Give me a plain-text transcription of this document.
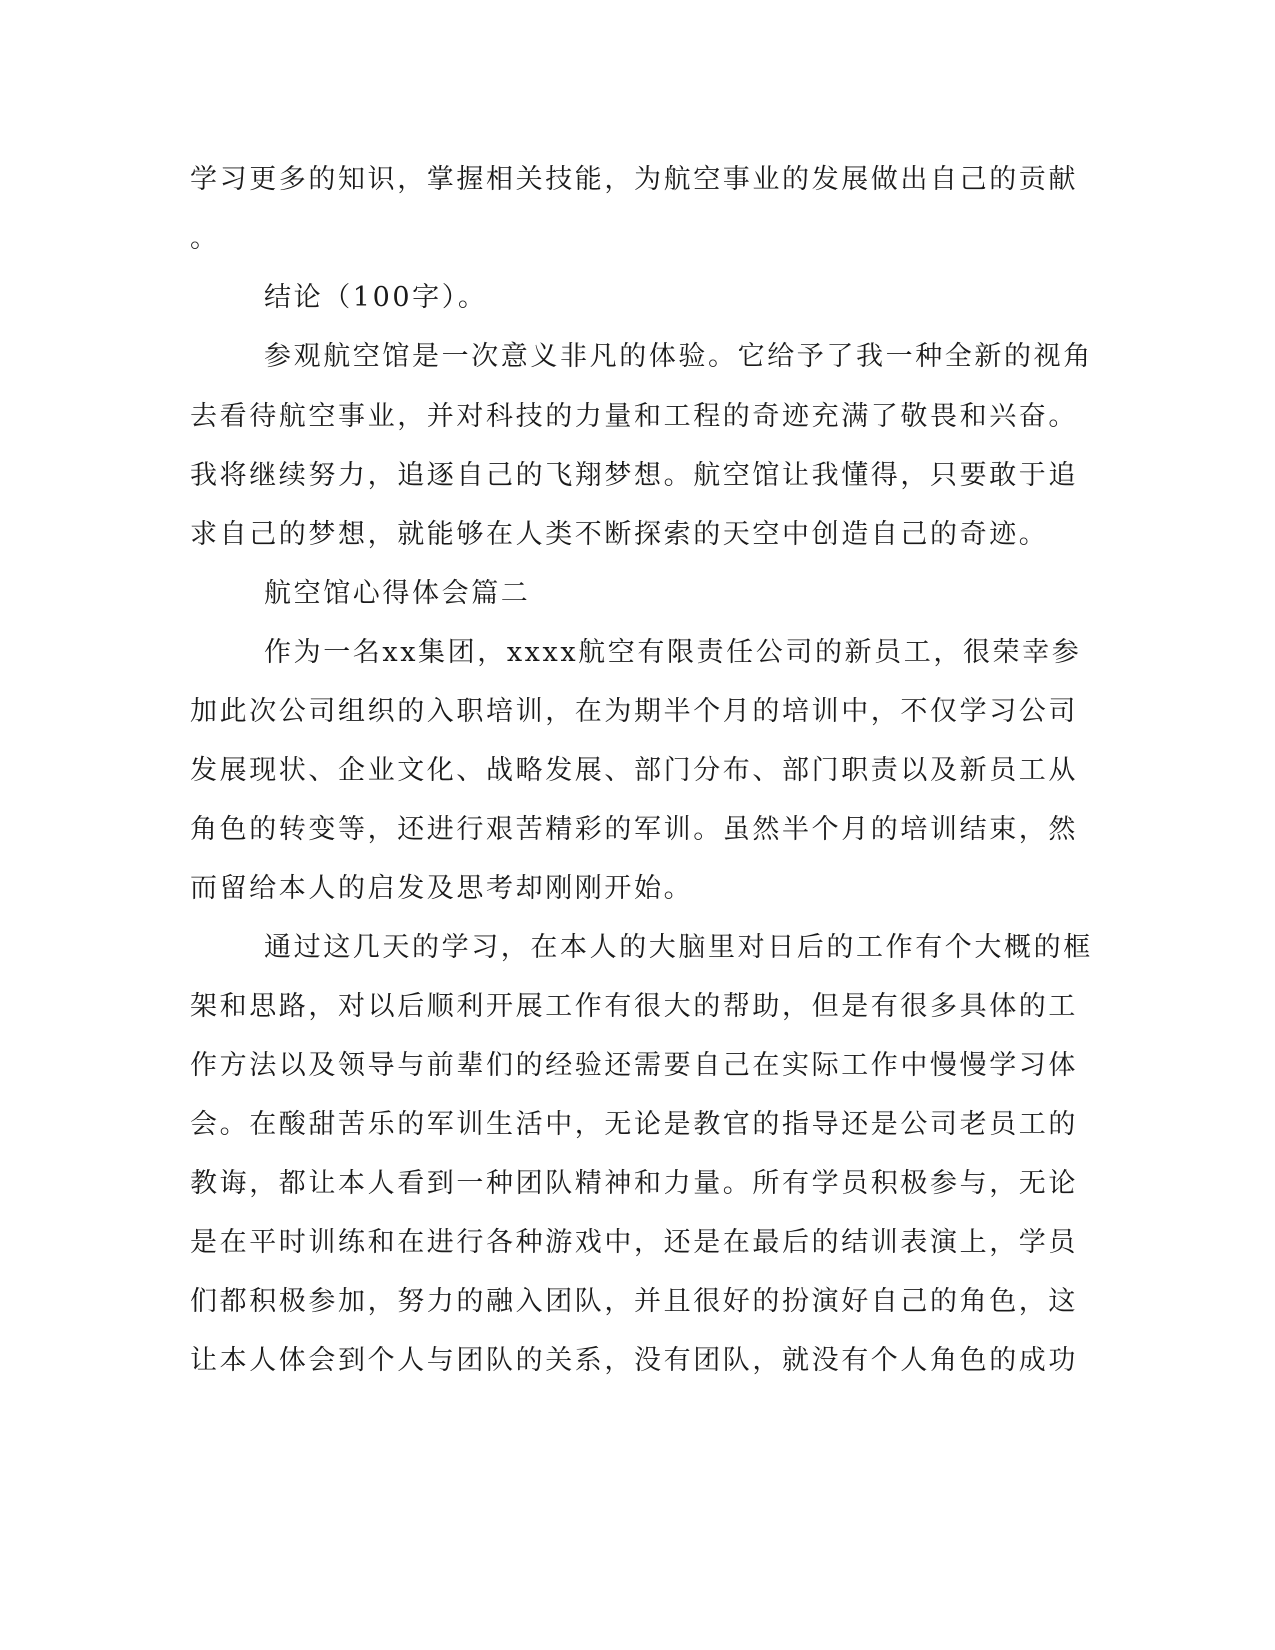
学习更多的知识，掌握相关技能，为航空事业的发展做出自己的贡献
。
结论（100字）。
参观航空馆是一次意义非凡的体验。它给予了我一种全新的视角
去看待航空事业，并对科技的力量和工程的奇迹充满了敬畏和兴奋。
我将继续努力，追逐自己的飞翔梦想。航空馆让我懂得，只要敢于追
求自己的梦想，就能够在人类不断探索的天空中创造自己的奇迹。
航空馆心得体会篇二
作为一名xx集团，xxxx航空有限责任公司的新员工，很荣幸参
加此次公司组织的入职培训，在为期半个月的培训中，不仅学习公司
发展现状、企业文化、战略发展、部门分布、部门职责以及新员工从
角色的转变等，还进行艰苦精彩的军训。虽然半个月的培训结束，然
而留给本人的启发及思考却刚刚开始。
通过这几天的学习，在本人的大脑里对日后的工作有个大概的框
架和思路，对以后顺利开展工作有很大的帮助，但是有很多具体的工
作方法以及领导与前辈们的经验还需要自己在实际工作中慢慢学习体
会。在酸甜苦乐的军训生活中，无论是教官的指导还是公司老员工的
教诲，都让本人看到一种团队精神和力量。所有学员积极参与，无论
是在平时训练和在进行各种游戏中，还是在最后的结训表演上，学员
们都积极参加，努力的融入团队，并且很好的扮演好自己的角色，这
让本人体会到个人与团队的关系，没有团队，就没有个人角色的成功
